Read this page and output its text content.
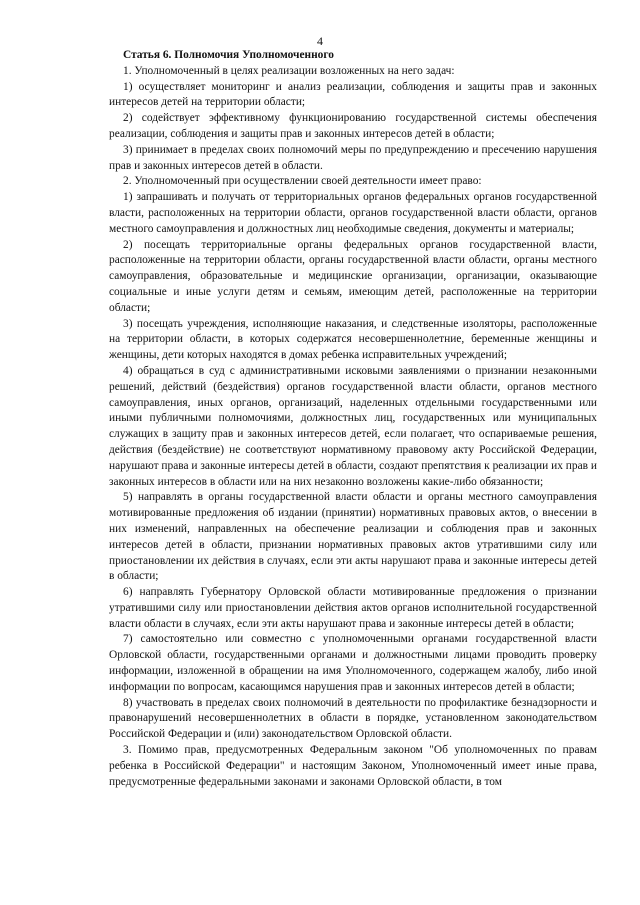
4

Статья 6. Полномочия Уполномоченного

1. Уполномоченный в целях реализации возложенных на него задач:

1) осуществляет мониторинг и анализ реализации, соблюдения и защиты прав и законных интересов детей на территории области;

2) содействует эффективному функционированию государственной системы обеспечения реализации, соблюдения и защиты прав и законных интересов детей в области;

3) принимает в пределах своих полномочий меры по предупреждению и пресечению нарушения прав и законных интересов детей в области.

2. Уполномоченный при осуществлении своей деятельности имеет право:

1) запрашивать и получать от территориальных органов федеральных органов государственной власти, расположенных на территории области, органов государственной власти области, органов местного самоуправления и должностных лиц необходимые сведения, документы и материалы;

2) посещать территориальные органы федеральных органов государственной власти, расположенные на территории области, органы государственной власти области, органы местного самоуправления, образовательные и медицинские организации, организации, оказывающие социальные и иные услуги детям и семьям, имеющим детей, расположенные на территории области;

3) посещать учреждения, исполняющие наказания, и следственные изоляторы, расположенные на территории области, в которых содержатся несовершеннолетние, беременные женщины и женщины, дети которых находятся в домах ребенка исправительных учреждений;

4) обращаться в суд с административными исковыми заявлениями о признании незаконными решений, действий (бездействия) органов государственной власти области, органов местного самоуправления, иных органов, организаций, наделенных отдельными государственными или иными публичными полномочиями, должностных лиц, государственных или муниципальных служащих в защиту прав и законных интересов детей, если полагает, что оспариваемые решения, действия (бездействие) не соответствуют нормативному правовому акту Российской Федерации, нарушают права и законные интересы детей в области, создают препятствия к реализации их прав и законных интересов в области или на них незаконно возложены какие-либо обязанности;

5) направлять в органы государственной власти области и органы местного самоуправления мотивированные предложения об издании (принятии) нормативных правовых актов, о внесении в них изменений, направленных на обеспечение реализации и соблюдения прав и законных интересов детей в области, признании нормативных правовых актов утратившими силу или приостановлении их действия в случаях, если эти акты нарушают права и законные интересы детей в области;

6) направлять Губернатору Орловской области мотивированные предложения о признании утратившими силу или приостановлении действия актов органов исполнительной государственной власти области в случаях, если эти акты нарушают права и законные интересы детей в области;

7) самостоятельно или совместно с уполномоченными органами государственной власти Орловской области, государственными органами и должностными лицами проводить проверку информации, изложенной в обращении на имя Уполномоченного, содержащем жалобу, либо иной информации по вопросам, касающимся нарушения прав и законных интересов детей в области;

8) участвовать в пределах своих полномочий в деятельности по профилактике безнадзорности и правонарушений несовершеннолетних в области в порядке, установленном законодательством Российской Федерации и (или) законодательством Орловской области.

3. Помимо прав, предусмотренных Федеральным законом "Об уполномоченных по правам ребенка в Российской Федерации" и настоящим Законом, Уполномоченный имеет иные права, предусмотренные федеральными законами и законами Орловской области, в том
